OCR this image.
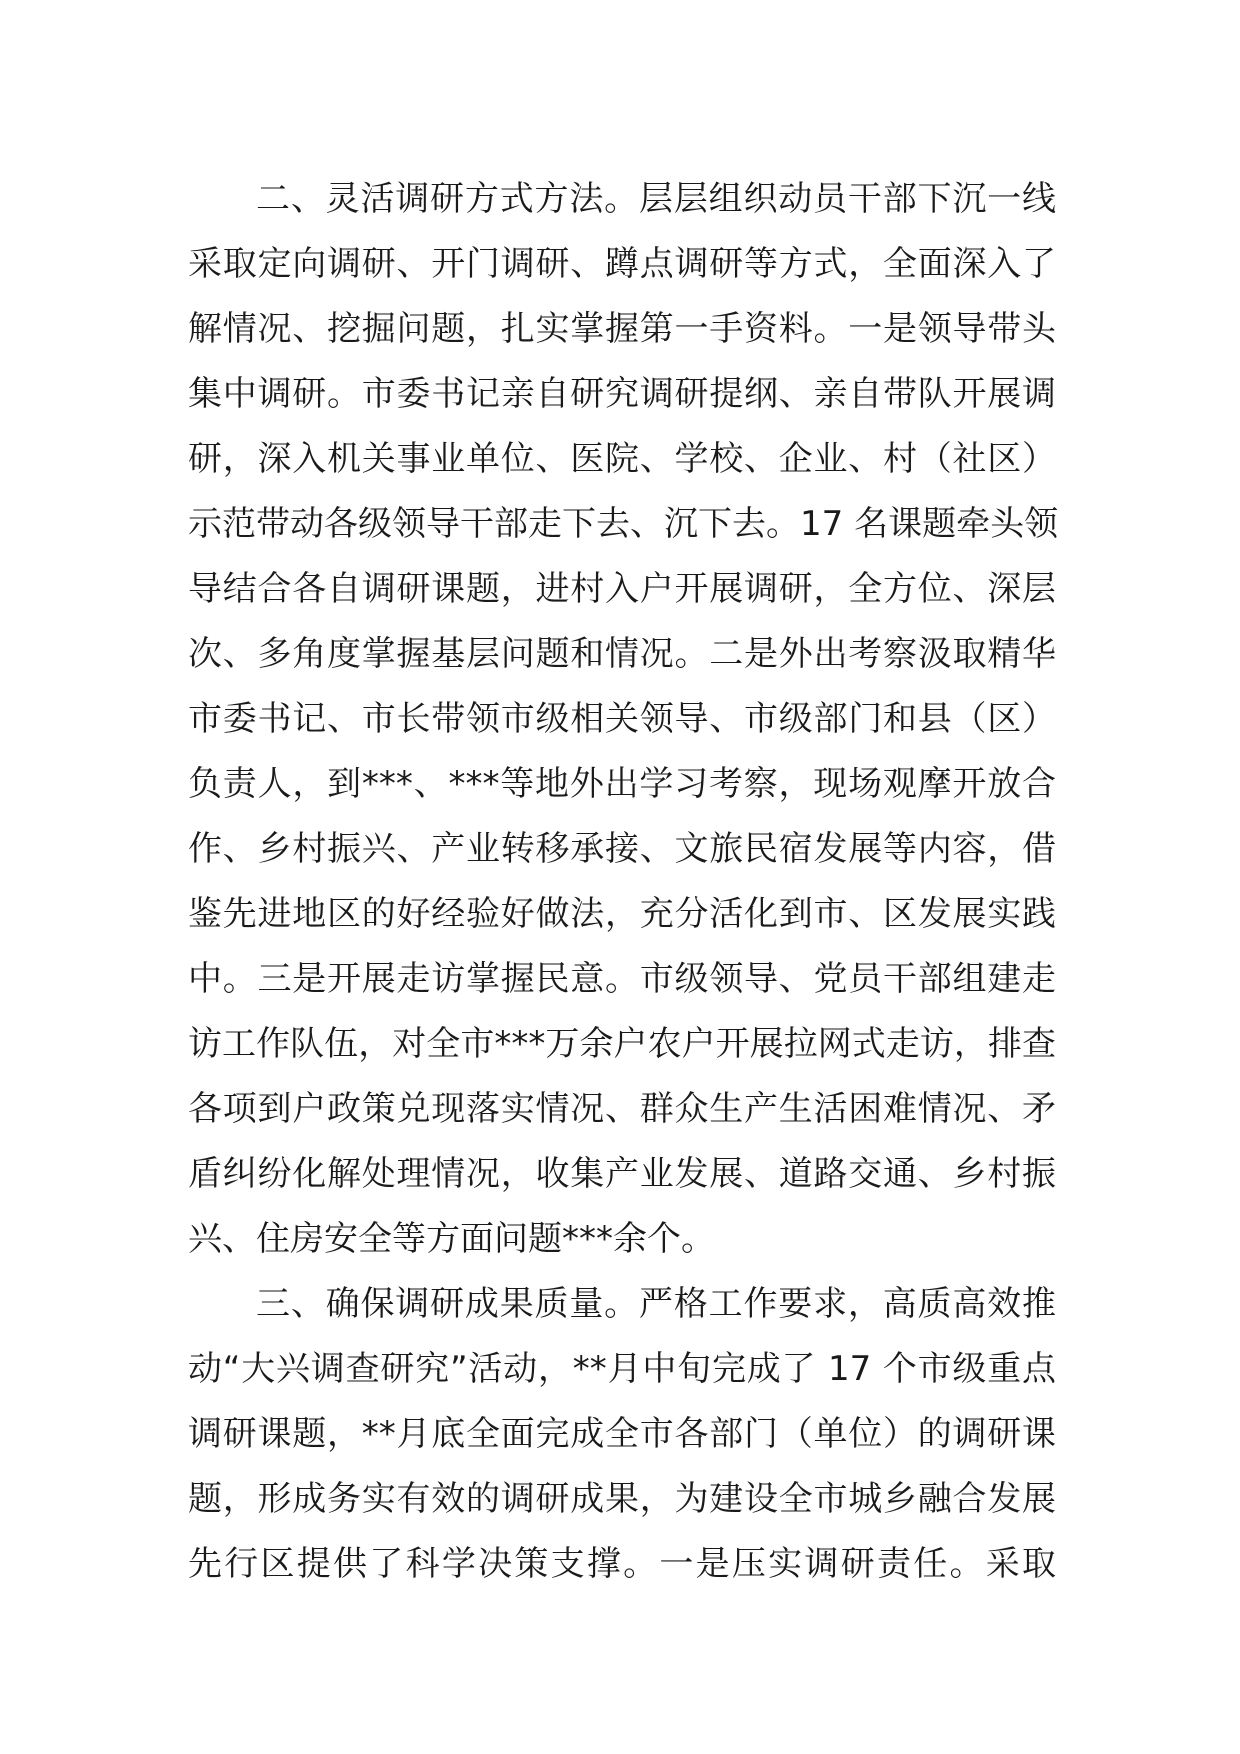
二、灵活调研方式方法。层层组织动员干部下沉一线
采取定向调研、开门调研、蹲点调研等方式，全面深入了
解情况、挖掘问题，扎实掌握第一手资料。一是领导带头
集中调研。市委书记亲自研究调研提纲、亲自带队开展调
研，深入机关事业单位、医院、学校、企业、村（社区）
示范带动各级领导干部走下去、沉下去。17 名课题牵头领
导结合各自调研课题，进村入户开展调研，全方位、深层
次、多角度掌握基层问题和情况。二是外出考察汲取精华
市委书记、市长带领市级相关领导、市级部门和县（区）
负责人，到***、***等地外出学习考察，现场观摩开放合
作、乡村振兴、产业转移承接、文旅民宿发展等内容，借
鉴先进地区的好经验好做法，充分活化到市、区发展实践
中。三是开展走访掌握民意。市级领导、党员干部组建走
访工作队伍，对全市***万余户农户开展拉网式走访，排查
各项到户政策兑现落实情况、群众生产生活困难情况、矛
盾纠纷化解处理情况，收集产业发展、道路交通、乡村振
兴、住房安全等方面问题***余个。

三、确保调研成果质量。严格工作要求，高质高效推
动“大兴调查研究”活动，**月中旬完成了 17 个市级重点
调研课题，**月底全面完成全市各部门（单位）的调研课
题，形成务实有效的调研成果，为建设全市城乡融合发展
先行区提供了科学决策支撑。一是压实调研责任。采取
